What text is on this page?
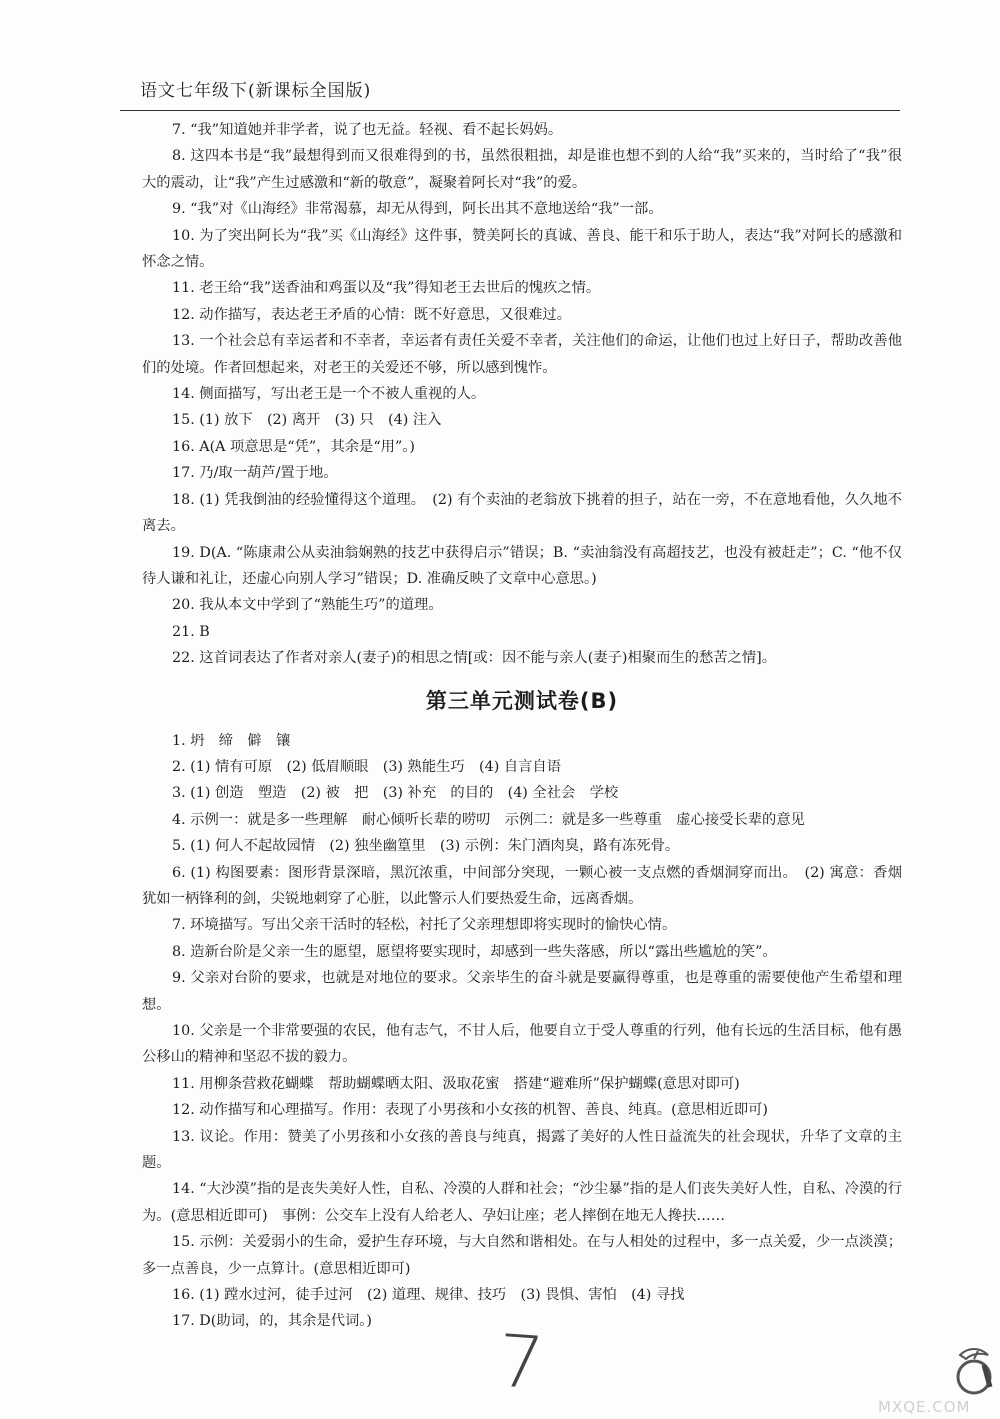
语文七年级下(新课标全国版)

7. “我”知道她并非学者，说了也无益。轻视、看不起长妈妈。

8. 这四本书是“我”最想得到而又很难得到的书，虽然很粗拙，却是谁也想不到的人给“我”买来的，当时给了“我”很大的震动，让“我”产生过感激和“新的敬意”，凝聚着阿长对“我”的爱。

9. “我”对《山海经》非常渴慕，却无从得到，阿长出其不意地送给“我”一部。

10. 为了突出阿长为“我”买《山海经》这件事，赞美阿长的真诚、善良、能干和乐于助人，表达“我”对阿长的感激和怀念之情。

11. 老王给“我”送香油和鸡蛋以及“我”得知老王去世后的愧疚之情。

12. 动作描写，表达老王矛盾的心情：既不好意思，又很难过。

13. 一个社会总有幸运者和不幸者，幸运者有责任关爱不幸者，关注他们的命运，让他们也过上好日子，帮助改善他们的处境。作者回想起来，对老王的关爱还不够，所以感到愧怍。

14. 侧面描写，写出老王是一个不被人重视的人。

15. (1) 放下　(2) 离开　(3) 只　(4) 注入

16. A(A 项意思是“凭”，其余是“用”。)

17. 乃/取一葫芦/置于地。

18. (1) 凭我倒油的经验懂得这个道理。　(2) 有个卖油的老翁放下挑着的担子，站在一旁，不在意地看他，久久地不离去。

19. D(A. “陈康肃公从卖油翁娴熟的技艺中获得启示”错误；B. “卖油翁没有高超技艺，也没有被赶走”；C. “他不仅待人谦和礼让，还虚心向别人学习”错误；D. 准确反映了文章中心意思。)

20. 我从本文中学到了“熟能生巧”的道理。

21. B

22. 这首词表达了作者对亲人(妻子)的相思之情[或：因不能与亲人(妻子)相聚而生的愁苦之情]。

第三单元测试卷(B)

1. 坍　缔　僻　镶

2. (1) 情有可原　(2) 低眉顺眼　(3) 熟能生巧　(4) 自言自语

3. (1) 创造　塑造　(2) 被　把　(3) 补充　的目的　(4) 全社会　学校

4. 示例一：就是多一些理解　耐心倾听长辈的唠叨　示例二：就是多一些尊重　虚心接受长辈的意见

5. (1) 何人不起故园情　(2) 独坐幽篁里　(3) 示例：朱门酒肉臭，路有冻死骨。

6. (1) 构图要素：图形背景深暗，黑沉浓重，中间部分突现，一颗心被一支点燃的香烟洞穿而出。　(2) 寓意：香烟犹如一柄锋利的剑，尖锐地刺穿了心脏，以此警示人们要热爱生命，远离香烟。

7. 环境描写。写出父亲干活时的轻松，衬托了父亲理想即将实现时的愉快心情。

8. 造新台阶是父亲一生的愿望，愿望将要实现时，却感到一些失落感，所以“露出些尴尬的笑”。

9. 父亲对台阶的要求，也就是对地位的要求。父亲毕生的奋斗就是要赢得尊重，也是尊重的需要使他产生希望和理想。

10. 父亲是一个非常要强的农民，他有志气，不甘人后，他要自立于受人尊重的行列，他有长远的生活目标，他有愚公移山的精神和坚忍不拔的毅力。

11. 用柳条营救花蝴蝶　帮助蝴蝶晒太阳、汲取花蜜　搭建“避难所”保护蝴蝶(意思对即可)

12. 动作描写和心理描写。作用：表现了小男孩和小女孩的机智、善良、纯真。(意思相近即可)

13. 议论。作用：赞美了小男孩和小女孩的善良与纯真，揭露了美好的人性日益流失的社会现状，升华了文章的主题。

14. “大沙漠”指的是丧失美好人性，自私、冷漠的人群和社会；“沙尘暴”指的是人们丧失美好人性，自私、冷漠的行为。(意思相近即可)　事例：公交车上没有人给老人、孕妇让座；老人摔倒在地无人搀扶……

15. 示例：关爱弱小的生命，爱护生存环境，与大自然和谐相处。在与人相处的过程中，多一点关爱，少一点淡漠；多一点善良，少一点算计。(意思相近即可)

16. (1) 蹚水过河，徒手过河　(2) 道理、规律、技巧　(3) 畏惧、害怕　(4) 寻找

17. D(助词，的，其余是代词。)	7
MXQE.COM
